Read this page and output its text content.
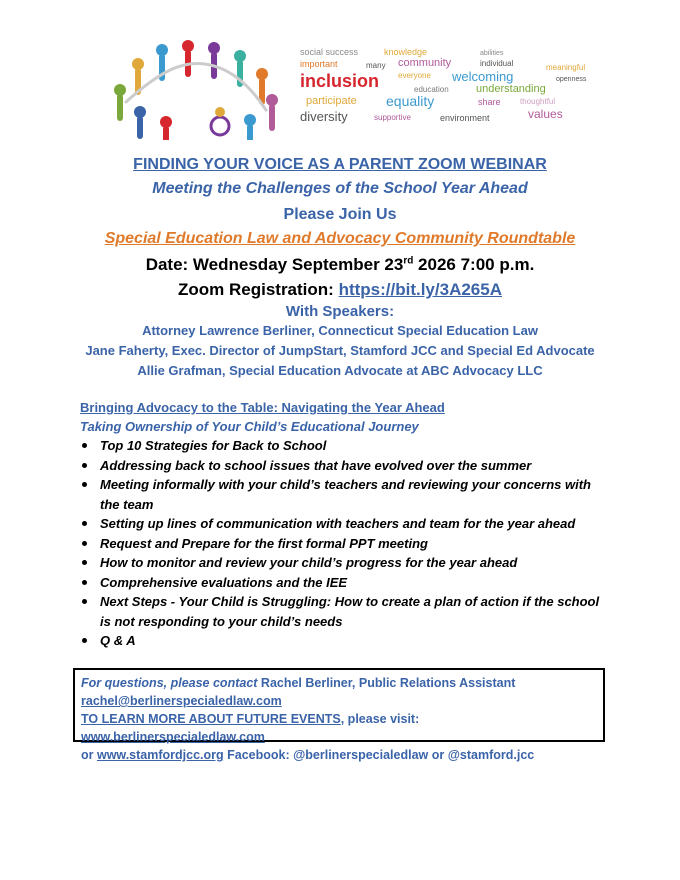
social success	knowledge	abilities
important	many community	individual	meaningful
inclusion everyone welcoming	openness
education understanding
participate equality	share thoughtful
diversity	supportive	environment	values
FINDING YOUR VOICE AS A PARENT ZOOM WEBINAR
Meeting the Challenges of the School Year Ahead
Please Join Us
Special Education Law and Advocacy Community Roundtable
Date: Wednesday September 23rd 2026 7:00 p.m.
Zoom Registration: https://bit.ly/3A265A
With Speakers:
Attorney Lawrence Berliner, Connecticut Special Education Law
Jane Faherty, Exec. Director of JumpStart, Stamford JCC and Special Ed Advocate
Allie Grafman, Special Education Advocate at ABC Advocacy LLC
Bringing Advocacy to the Table: Navigating the Year Ahead
Taking Ownership of Your Child’s Educational Journey
Top 10 Strategies for Back to School
Addressing back to school issues that have evolved over the summer
Meeting informally with your child’s teachers and reviewing your concerns with the team
Setting up lines of communication with teachers and team for the year ahead
Request and Prepare for the first formal PPT meeting
How to monitor and review your child’s progress for the year ahead
Comprehensive evaluations and the IEE
Next Steps - Your Child is Struggling: How to create a plan of action if the school is not responding to your child’s needs
Q & A
For questions, please contact Rachel Berliner, Public Relations Assistant
rachel@berlinerspecialedlaw.com
TO LEARN MORE ABOUT FUTURE EVENTS, please visit: www.berlinerspecialedlaw.com
or www.stamfordjcc.org Facebook: @berlinerspecialedlaw or @stamford.jcc
